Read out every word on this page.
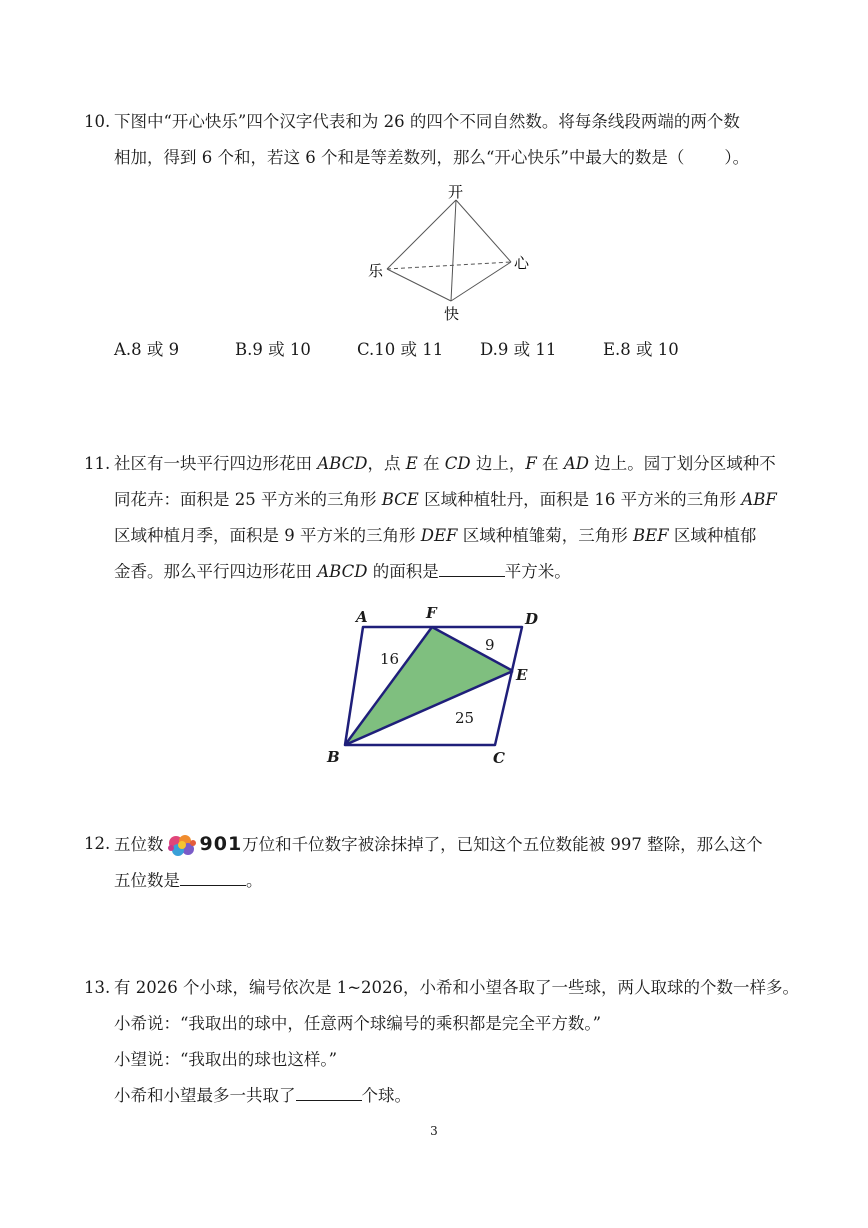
10. 下图中“开心快乐”四个汉字代表和为 26 的四个不同自然数。将每条线段两端的两个数
相加，得到 6 个和，若这 6 个和是等差数列，那么“开心快乐”中最大的数是（ ）。
开
心
快
乐
A.8 或 9	B.9 或 10	C.10 或 11 D.9 或 11	E.8 或 10
11. 社区有一块平行四边形花田 ABCD，点 E 在 CD 边上，F 在 AD 边上。园丁划分区域种不
同花卉：面积是 25 平方米的三角形 BCE 区域种植牡丹，面积是 16 平方米的三角形 ABF
区域种植月季，面积是 9 平方米的三角形 DEF 区域种植雏菊，三角形 BEF 区域种植郁
金香。那么平行四边形花田 ABCD 的面积是	平方米。
A	F	D
E
B	C
16
9
25
12. 五位数 901万位和千位数字被涂抹掉了，已知这个五位数能被 997 整除，那么这个
五位数是	。
13. 有 2026 个小球，编号依次是 1~2026，小希和小望各取了一些球，两人取球的个数一样多。
小希说：“我取出的球中，任意两个球编号的乘积都是完全平方数。”
小望说：“我取出的球也这样。”
小希和小望最多一共取了	个球。
3
